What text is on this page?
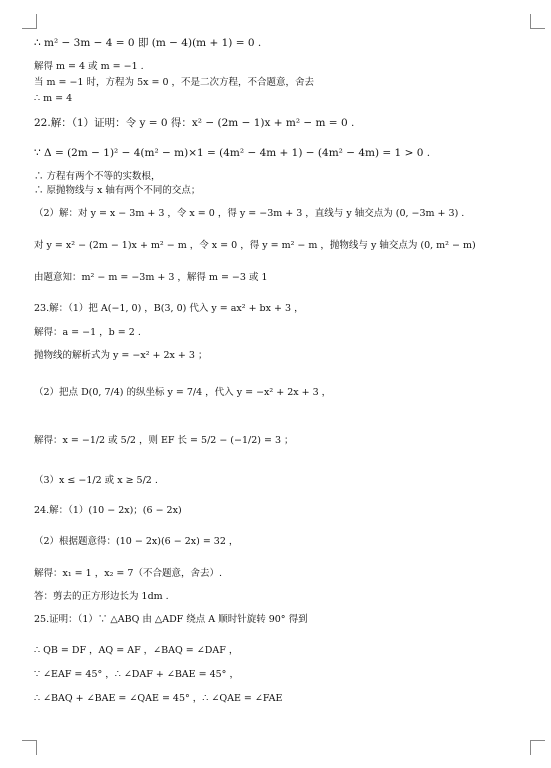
∴ m² − 3m − 4 = 0 即 (m − 4)(m + 1) = 0 .
解得 m = 4 或 m = −1 .
当 m = −1 时，方程为 5x = 0 ，不是二次方程，不合题意，舍去
∴ m = 4
22.解：（1）证明：令 y = 0 得：x² − (2m − 1)x + m² − m = 0 .
∵ Δ = (2m − 1)² − 4(m² − m)×1 = (4m² − 4m + 1) − (4m² − 4m) = 1 > 0 .
∴ 方程有两个不等的实数根，
∴ 原抛物线与 x 轴有两个不同的交点；
（2）解：对 y = x − 3m + 3 ，令 x = 0 ，得 y = −3m + 3 ，直线与 y 轴交点为 (0, −3m + 3) .
对 y = x² − (2m − 1)x + m² − m ，令 x = 0 ，得 y = m² − m ，抛物线与 y 轴交点为 (0, m² − m)
由题意知：m² − m = −3m + 3 ，解得 m = −3 或 1
23.解：（1）把 A(−1, 0) ，B(3, 0) 代入 y = ax² + bx + 3 ，
解得：a = −1 ，b = 2 .
抛物线的解析式为 y = −x² + 2x + 3 ；
（2）把点 D(0, 7/4) 的纵坐标 y = 7/4 ，代入 y = −x² + 2x + 3 ，
解得：x = −1/2 或 5/2 ，则 EF 长 = 5/2 − (−1/2) = 3 ；
（3）x ≤ −1/2 或 x ≥ 5/2 .
24.解：（1）(10 − 2x)；(6 − 2x)
（2）根据题意得：(10 − 2x)(6 − 2x) = 32 ，
解得：x₁ = 1 ，x₂ = 7（不合题意，舍去）.
答：剪去的正方形边长为 1dm .
25.证明：（1）∵ △ABQ 由 △ADF 绕点 A 顺时针旋转 90° 得到
∴ QB = DF ，AQ = AF ，∠BAQ = ∠DAF ，
∵ ∠EAF = 45° ，∴ ∠DAF + ∠BAE = 45° ，
∴ ∠BAQ + ∠BAE = ∠QAE = 45° ，∴ ∠QAE = ∠FAE
